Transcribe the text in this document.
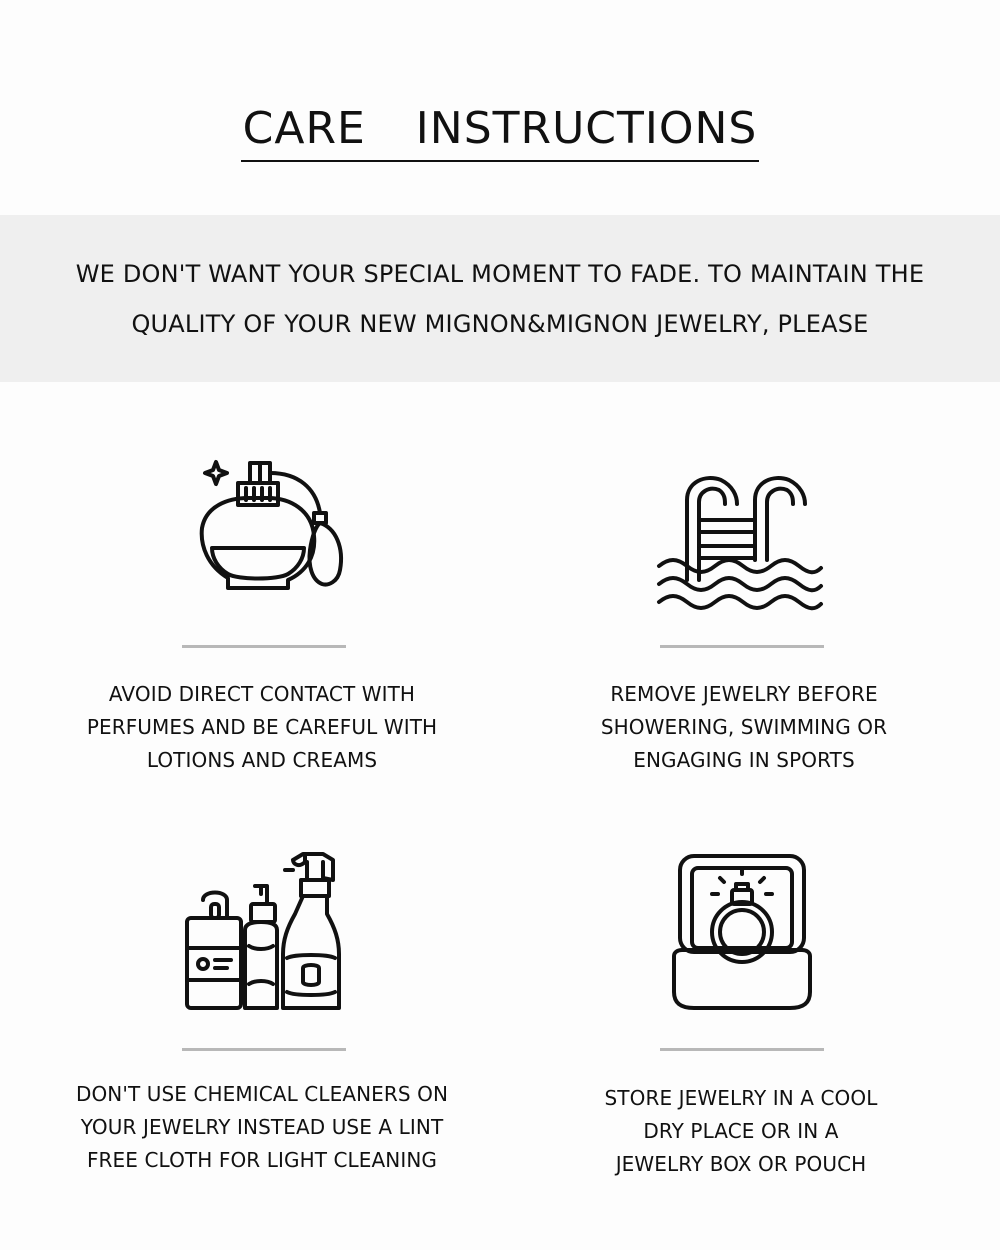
CARE  INSTRUCTIONS

WE DON'T WANT YOUR SPECIAL MOMENT TO FADE. TO MAINTAIN THE

QUALITY OF YOUR NEW MIGNON&MIGNON JEWELRY, PLEASE

AVOID DIRECT CONTACT WITH
PERFUMES AND BE CAREFUL WITH
LOTIONS AND CREAMS
REMOVE JEWELRY BEFORE
SHOWERING, SWIMMING OR
ENGAGING IN SPORTS
DON'T USE CHEMICAL CLEANERS ON
YOUR JEWELRY INSTEAD USE A LINT
FREE CLOTH FOR LIGHT CLEANING
STORE JEWELRY IN A COOL
DRY PLACE OR IN A
JEWELRY BOX OR POUCH
